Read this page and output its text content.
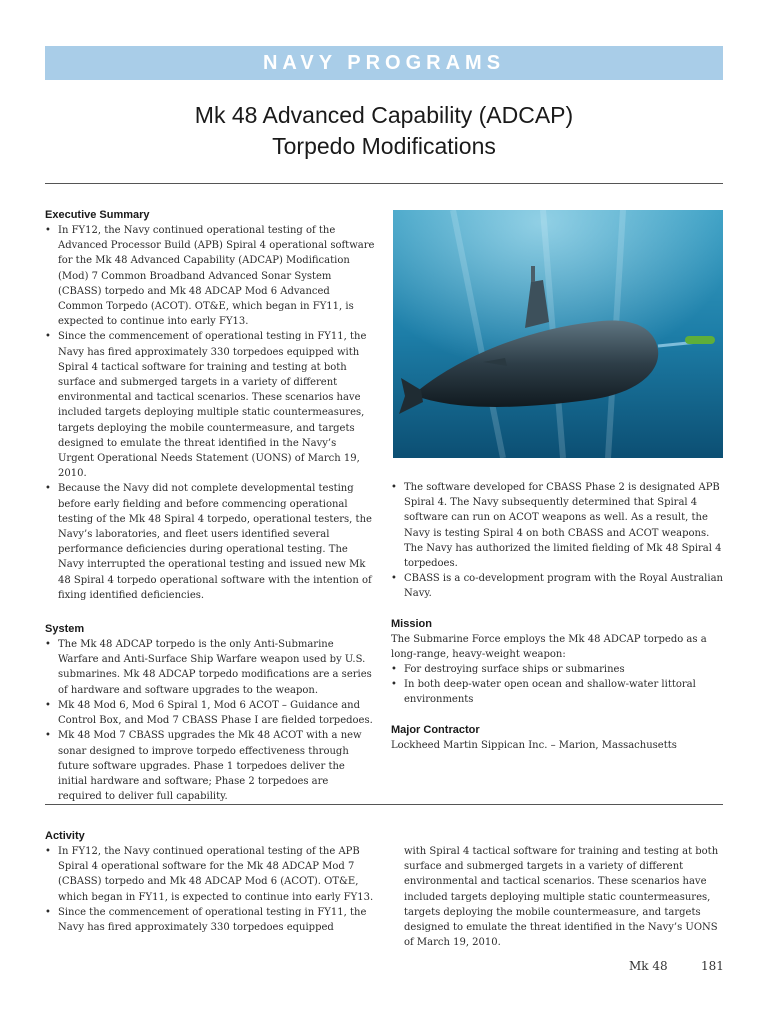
NAVY PROGRAMS
Mk 48 Advanced Capability (ADCAP)
Torpedo Modifications
Executive Summary
• In FY12, the Navy continued operational testing of the Advanced Processor Build (APB) Spiral 4 operational software for the Mk 48 Advanced Capability (ADCAP) Modification (Mod) 7 Common Broadband Advanced Sonar System (CBASS) torpedo and Mk 48 ADCAP Mod 6 Advanced Common Torpedo (ACOT). OT&E, which began in FY11, is expected to continue into early FY13.
• Since the commencement of operational testing in FY11, the Navy has fired approximately 330 torpedoes equipped with Spiral 4 tactical software for training and testing at both surface and submerged targets in a variety of different environmental and tactical scenarios. These scenarios have included targets deploying multiple static countermeasures, targets deploying the mobile countermeasure, and targets designed to emulate the threat identified in the Navy’s Urgent Operational Needs Statement (UONS) of March 19, 2010.
• Because the Navy did not complete developmental testing before early fielding and before commencing operational testing of the Mk 48 Spiral 4 torpedo, operational testers, the Navy’s laboratories, and fleet users identified several performance deficiencies during operational testing. The Navy interrupted the operational testing and issued new Mk 48 Spiral 4 torpedo operational software with the intention of fixing identified deficiencies.
System
• The Mk 48 ADCAP torpedo is the only Anti-Submarine Warfare and Anti-Surface Ship Warfare weapon used by U.S. submarines. Mk 48 ADCAP torpedo modifications are a series of hardware and software upgrades to the weapon.
• Mk 48 Mod 6, Mod 6 Spiral 1, Mod 6 ACOT – Guidance and Control Box, and Mod 7 CBASS Phase I are fielded torpedoes.
• Mk 48 Mod 7 CBASS upgrades the Mk 48 ACOT with a new sonar designed to improve torpedo effectiveness through future software upgrades. Phase 1 torpedoes deliver the initial hardware and software; Phase 2 torpedoes are required to deliver full capability.
• The software developed for CBASS Phase 2 is designated APB Spiral 4. The Navy subsequently determined that Spiral 4 software can run on ACOT weapons as well. As a result, the Navy is testing Spiral 4 on both CBASS and ACOT weapons. The Navy has authorized the limited fielding of Mk 48 Spiral 4 torpedoes.
• CBASS is a co-development program with the Royal Australian Navy.
Mission

The Submarine Force employs the Mk 48 ADCAP torpedo as a long-range, heavy-weight weapon:

• For destroying surface ships or submarines
• In both deep-water open ocean and shallow-water littoral environments
Major Contractor

Lockheed Martin Sippican Inc. – Marion, Massachusetts

Activity
• In FY12, the Navy continued operational testing of the APB Spiral 4 operational software for the Mk 48 ADCAP Mod 7 (CBASS) torpedo and Mk 48 ADCAP Mod 6 (ACOT). OT&E, which began in FY11, is expected to continue into early FY13.
• Since the commencement of operational testing in FY11, the Navy has fired approximately 330 torpedoes equipped

with Spiral 4 tactical software for training and testing at both surface and submerged targets in a variety of different environmental and tactical scenarios. These scenarios have included targets deploying multiple static countermeasures, targets deploying the mobile countermeasure, and targets designed to emulate the threat identified in the Navy’s UONS of March 19, 2010.

Mk 48	181
